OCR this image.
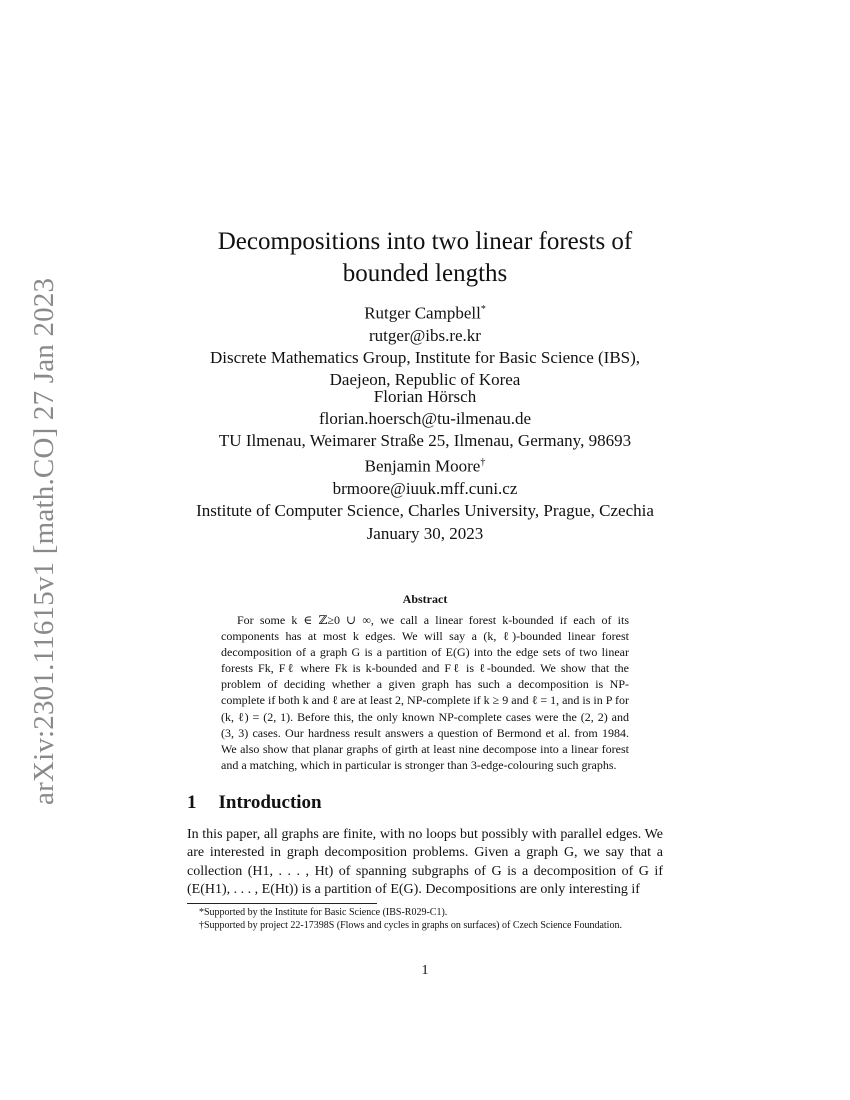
arXiv:2301.11615v1 [math.CO] 27 Jan 2023
Decompositions into two linear forests of
bounded lengths
Rutger Campbell*
rutger@ibs.re.kr
Discrete Mathematics Group, Institute for Basic Science (IBS),
Daejeon, Republic of Korea
Florian Hörsch
florian.hoersch@tu-ilmenau.de
TU Ilmenau, Weimarer Straße 25, Ilmenau, Germany, 98693
Benjamin Moore†
brmoore@iuuk.mff.cuni.cz
Institute of Computer Science, Charles University, Prague, Czechia
January 30, 2023
Abstract

For some k ∈ ℤ≥0 ∪ ∞, we call a linear forest k-bounded if each of its components has at most k edges. We will say a (k, ℓ)-bounded linear forest decomposition of a graph G is a partition of E(G) into the edge sets of two linear forests Fk, Fℓ where Fk is k-bounded and Fℓ is ℓ-bounded. We show that the problem of deciding whether a given graph has such a decomposition is NP-complete if both k and ℓ are at least 2, NP-complete if k ≥ 9 and ℓ = 1, and is in P for (k, ℓ) = (2, 1). Before this, the only known NP-complete cases were the (2, 2) and (3, 3) cases. Our hardness result answers a question of Bermond et al. from 1984. We also show that planar graphs of girth at least nine decompose into a linear forest and a matching, which in particular is stronger than 3-edge-colouring such graphs.

1 Introduction

In this paper, all graphs are finite, with no loops but possibly with parallel edges. We are interested in graph decomposition problems. Given a graph G, we say that a collection (H1, . . . , Ht) of spanning subgraphs of G is a decomposition of G if (E(H1), . . . , E(Ht)) is a partition of E(G). Decompositions are only interesting if

*Supported by the Institute for Basic Science (IBS-R029-C1).
†Supported by project 22-17398S (Flows and cycles in graphs on surfaces) of Czech Science Foundation.
1
